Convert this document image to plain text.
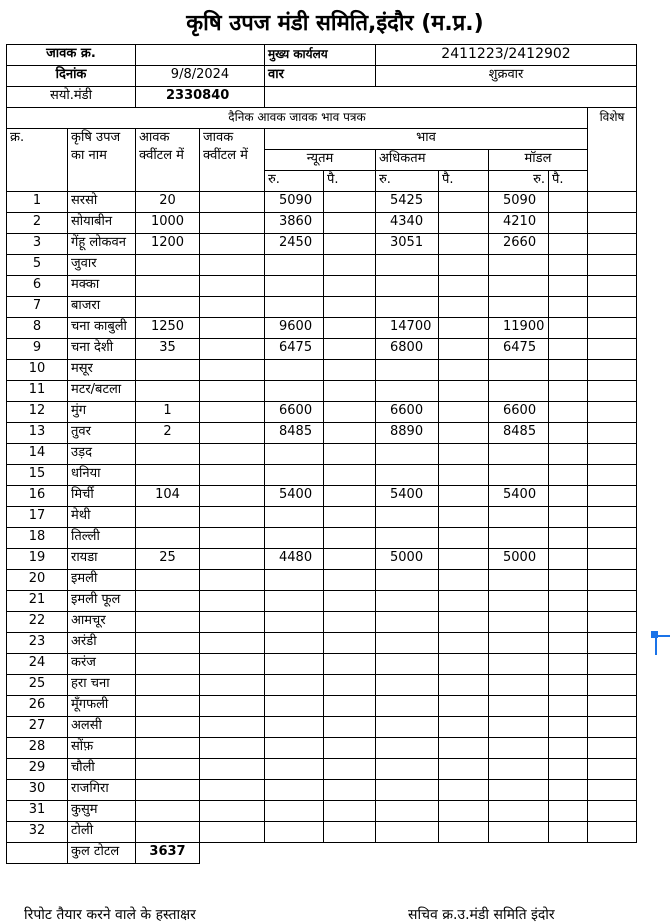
कृषि उपज मंडी समिति,इंदौर (म.प्र.)
जावक क्र.				मुख्य कार्यलय		2411223/2412902				
दिनांक		9/8/2024		वार		शुक्रवार				
सयो.मंडी		2330840								
दैनिक आवक जावक भाव पत्रक										विशेष
क्र.	कृषि उपज का नाम	आवक क्वींटल में	जावक क्वींटल में	भाव						
				न्यूतम		अधिकतम		मॉडल		
				रु.	पै.	रु.	पै.	रु.	पै.	
1	सरसो	20		5090		5425		5090		
2	सोयाबीन	1000		3860		4340		4210		
3	गेंहू लोकवन	1200		2450		3051		2660		
5	जुवार									
6	मक्का									
7	बाजरा									
8	चना काबुली	1250		9600		14700		11900		
9	चना देशी	35		6475		6800		6475		
10	मसूर									
11	मटर/बटला									
12	मुंग	1		6600		6600		6600		
13	तुवर	2		8485		8890		8485		
14	उड़द									
15	धनिया									
16	मिर्ची	104		5400		5400		5400		
17	मेथी									
18	तिल्ली									
19	रायडा	25		4480		5000		5000		
20	इमली									
21	इमली फूल									
22	आमचूर									
23	अरंडी									
24	करंज									
25	हरा चना									
26	मूँगफली									
27	अलसी									
28	सोंफ़									
29	चौली									
30	राजगिरा									
31	कुसुम									
32	टोली									
	कुल टोटल	3637								
रिपोट तैयार करने वाले के हस्ताक्षर	सचिव क्र.उ.मंडी समिति इंदोर
